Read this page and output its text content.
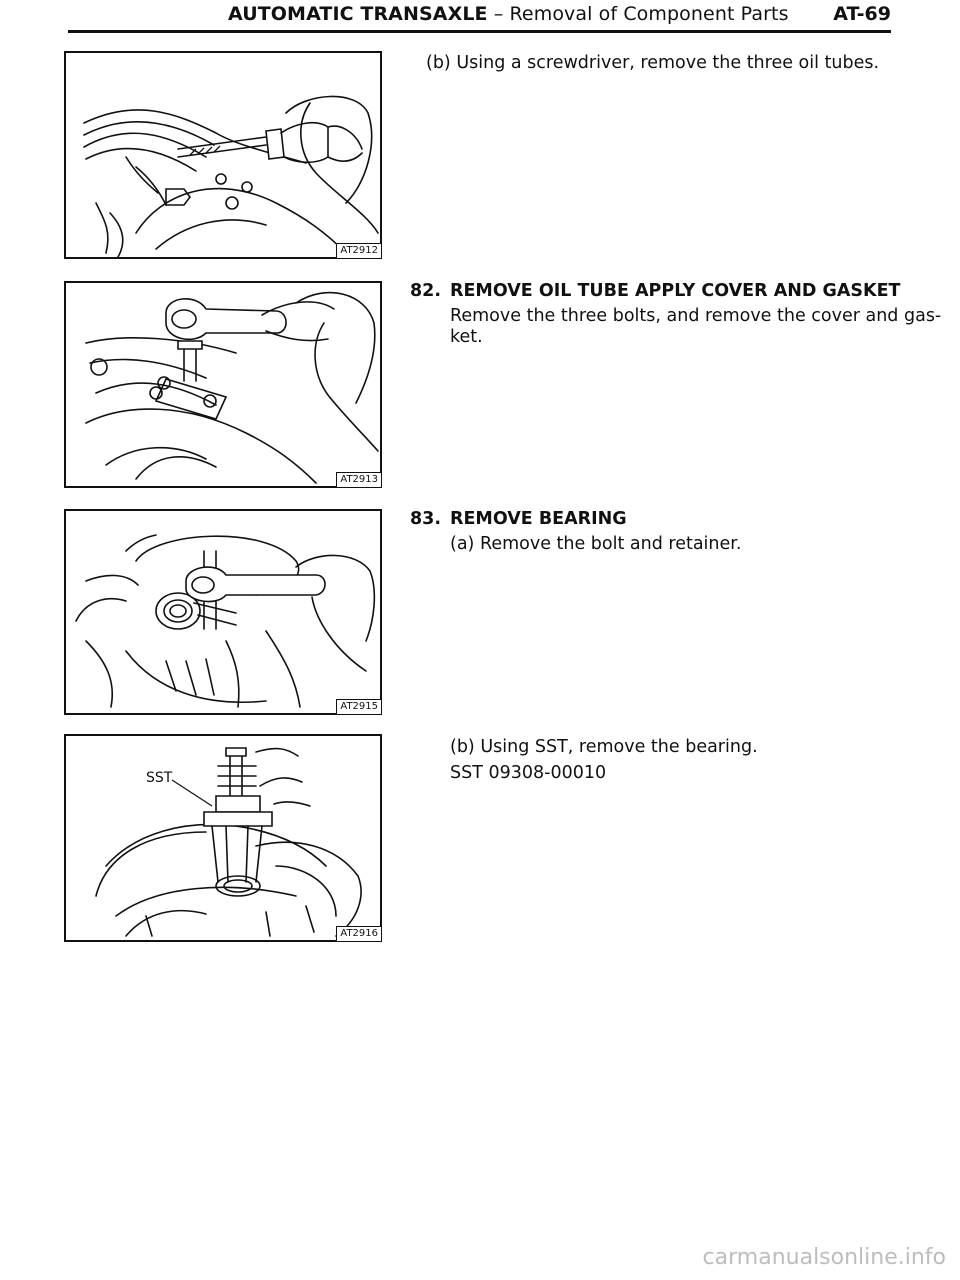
AUTOMATIC TRANSAXLE – Removal of Component Parts AT-69
AT2912
AT2913
AT2915
SST
AT2916
(b) Using a screwdriver, remove the three oil tubes.
82. REMOVE OIL TUBE APPLY COVER AND GASKET
Remove the three bolts, and remove the cover and gas-
ket.
83. REMOVE BEARING
(a) Remove the bolt and retainer.
(b) Using SST, remove the bearing.
SST 09308-00010
carmanualsonline.info
